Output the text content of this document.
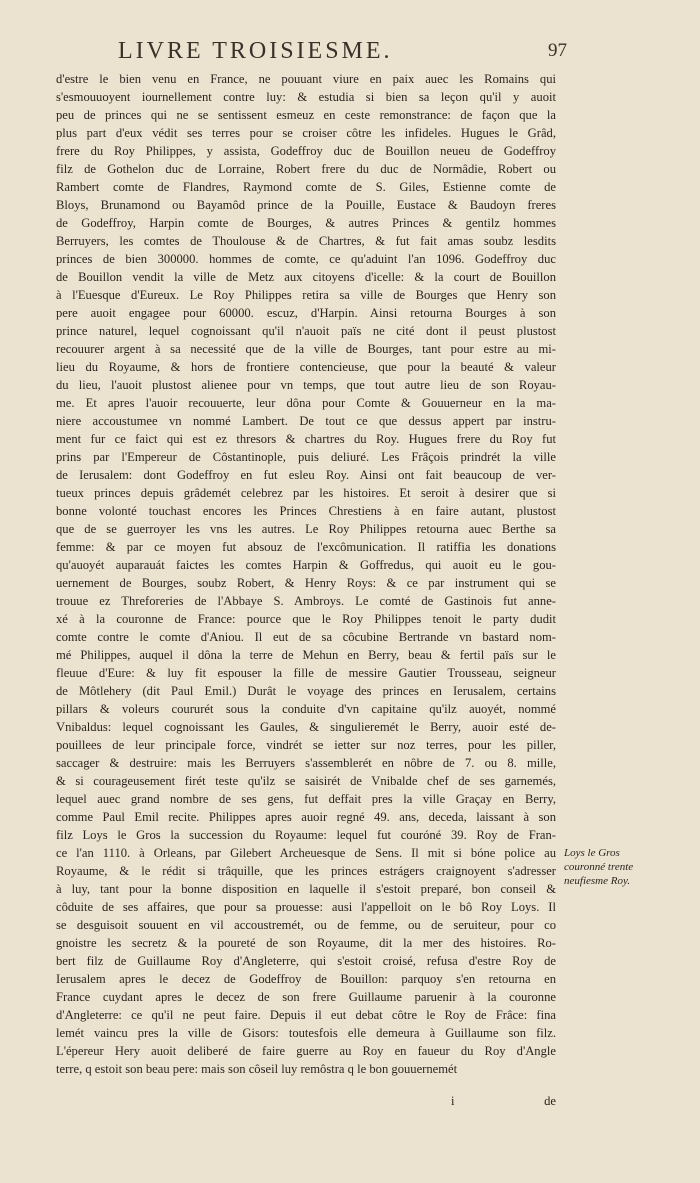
LIVRE TROISIESME.	97
d'estre le bien venu en France, ne pouuant viure en paix auec les Romains qui
s'esmouuoyent iournellement contre luy: & estudia si bien sa leçon qu'il y auoit
peu de princes qui ne se sentissent esmeuz en ceste remonstrance: de façon que la
plus part d'eux védit ses terres pour se croiser côtre les infideles. Hugues le Grâd,
frere du Roy Philippes, y assista, Godeffroy duc de Bouillon neueu de Godeffroy
filz de Gothelon duc de Lorraine, Robert frere du duc de Normâdie, Robert ou
Rambert comte de Flandres, Raymond comte de S. Giles, Estienne comte de
Bloys, Brunamond ou Bayamôd prince de la Pouille, Eustace & Baudoyn freres
de Godeffroy, Harpin comte de Bourges, & autres Princes & gentilz hommes
Berruyers, les comtes de Thoulouse & de Chartres, & fut fait amas soubz lesdits
princes de bien 300000. hommes de comte, ce qu'aduint l'an 1096. Godeffroy duc
de Bouillon vendit la ville de Metz aux citoyens d'icelle: & la court de Bouillon
à l'Euesque d'Eureux. Le Roy Philippes retira sa ville de Bourges que Henry son
pere auoit engagee pour 60000. escuz, d'Harpin. Ainsi retourna Bourges à son
prince naturel, lequel cognoissant qu'il n'auoit païs ne cité dont il peust plustost
recouurer argent à sa necessité que de la ville de Bourges, tant pour estre au mi-
lieu du Royaume, & hors de frontiere contencieuse, que pour la beauté & valeur
du lieu, l'auoit plustost alienee pour vn temps, que tout autre lieu de son Royau-
me. Et apres l'auoir recouuerte, leur dôna pour Comte & Gouuerneur en la ma-
niere accoustumee vn nommé Lambert. De tout ce que dessus appert par instru-
ment fur ce faict qui est ez thresors & chartres du Roy. Hugues frere du Roy fut
prins par l'Empereur de Côstantinople, puis deliuré. Les Frâçois prindrét la ville
de Ierusalem: dont Godeffroy en fut esleu Roy. Ainsi ont fait beaucoup de ver-
tueux princes depuis grâdemét celebrez par les histoires. Et seroit à desirer que si
bonne volonté touchast encores les Princes Chrestiens à en faire autant, plustost
que de se guerroyer les vns les autres. Le Roy Philippes retourna auec Berthe sa
femme: & par ce moyen fut absouz de l'excômunication. Il ratiffia les donations
qu'auoyét auparauát faictes les comtes Harpin & Goffredus, qui auoit eu le gou-
uernement de Bourges, soubz Robert, & Henry Roys: & ce par instrument qui se
trouue ez Threforeries de l'Abbaye S. Ambroys. Le comté de Gastinois fut anne-
xé à la couronne de France: pource que le Roy Philippes tenoit le party dudit
comte contre le comte d'Aniou. Il eut de sa côcubine Bertrande vn bastard nom-
mé Philippes, auquel il dôna la terre de Mehun en Berry, beau & fertil païs sur le
fleuue d'Eure: & luy fit espouser la fille de messire Gautier Trousseau, seigneur
de Môtlehery (dit Paul Emil.) Durât le voyage des princes en Ierusalem, certains
pillars & voleurs coururét sous la conduite d'vn capitaine qu'ilz auoyét, nommé
Vnibaldus: lequel cognoissant les Gaules, & singulieremét le Berry, auoir esté de-
pouillees de leur principale force, vindrét se ietter sur noz terres, pour les piller,
saccager & destruire: mais les Berruyers s'assemblerét en nôbre de 7. ou 8. mille,
& si courageusement firét teste qu'ilz se saisirét de Vnibalde chef de ses garnemés,
lequel auec grand nombre de ses gens, fut deffait pres la ville Graçay en Berry,
comme Paul Emil recite. Philippes apres auoir regné 49. ans, deceda, laissant à son
filz Loys le Gros la succession du Royaume: lequel fut couróné 39. Roy de Fran-
ce l'an 1110. à Orleans, par Gilebert Archeuesque de Sens. Il mit si bóne police au
Royaume, & le rédit si trâquille, que les princes estrágers craignoyent s'adresser
à luy, tant pour la bonne disposition en laquelle il s'estoit preparé, bon conseil &
côduite de ses affaires, que pour sa prouesse: ausi l'appelloit on le bô Roy Loys. Il
se desguisoit souuent en vil accoustremét, ou de femme, ou de seruiteur, pour co
gnoistre les secretz & la poureté de son Royaume, dit la mer des histoires. Ro-
bert filz de Guillaume Roy d'Angleterre, qui s'estoit croisé, refusa d'estre Roy de
Ierusalem apres le decez de Godeffroy de Bouillon: parquoy s'en retourna en
France cuydant apres le decez de son frere Guillaume paruenir à la couronne
d'Angleterre: ce qu'il ne peut faire. Depuis il eut debat côtre le Roy de Frâce: fina
lemét vaincu pres la ville de Gisors: toutesfois elle demeura à Guillaume son filz.
L'épereur Hery auoit deliberé de faire guerre au Roy en faueur du Roy d'Angle
terre, q estoit son beau pere: mais son côseil luy remôstra q le bon gouuernemét
Loys le Gros
couronné trente
neufiesme Roy.
i	de
